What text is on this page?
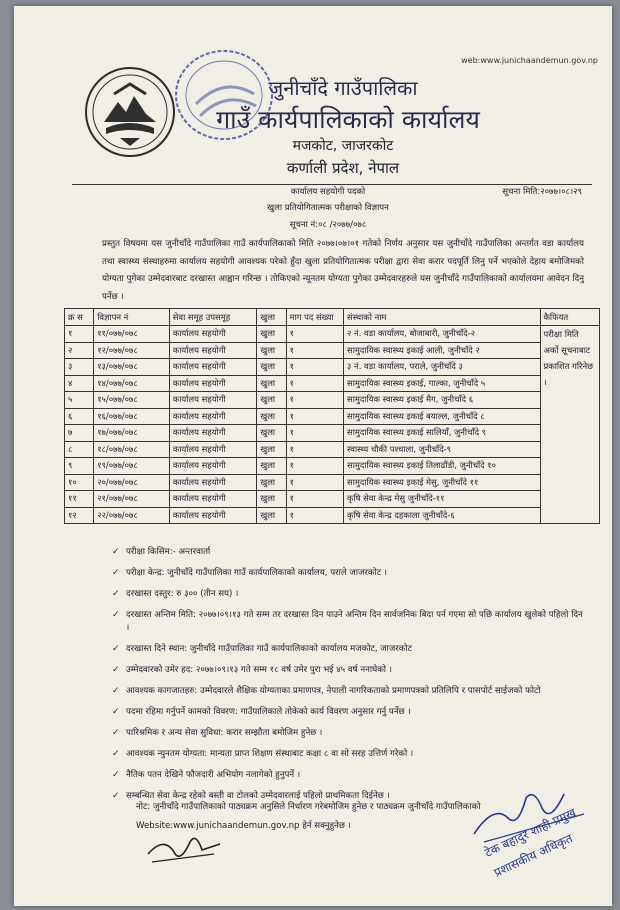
web:www.junichaandemun.gov.np
जुनीचाँदे गाउँपालिका
गाउँ कार्यपालिकाको कार्यालय
मजकोट, जाजरकोट
कर्णाली प्रदेश, नेपाल
कार्यालय सहयोगी पदको	सूचना मिति:२०७७।०८।२९
खुला प्रतियोगितात्मक परीक्षाको विज्ञापन
सूचना नं:०८ /२०७७/०७८
प्रस्तुत विषयमा यस जुनीचाँदे गाउँपालिका गाउँ कार्यपालिकाको मिति २०७७।०७।०१ गतेको निर्णय अनुसार यस जुनीचाँदे गाउँपालिका अन्तर्गत वडा कार्यालय तथा स्वास्थ्य संस्थाहरुमा कार्यालय सहयोगी आवश्यक परेको हुँदा खुला प्रतियोगितात्मक परीक्षा द्वारा सेवा करार पदपूर्ति लिनु पर्ने भएकोले देहाय बमोजिमको योग्यता पुगेका उम्मेदवारबाट दरखास्त आह्वान गरिन्छ । तोकिएको न्यूनतम योग्यता पुगेका उम्मेदवारहरुले यस जुनीचाँदे गाउँपालिकाको कार्यालयमा आवेदन दिनु पर्नेछ ।
क्र स	विज्ञापन नं	सेवा समूह उपसमूह	खुला	माग पद संख्या	संस्थाको नाम	कैफियत
१	११/०७७/०७८	कार्यालय सहयोगी	खुला	१	२ नं. वडा कार्यालय, बोजाबारी, जुनीचाँदे-२	परीक्षा मिति अर्को सूचनाबाट प्रकाशित गरिनेछ ।
२	१२/०७७/०७८	कार्यालय सहयोगी	खुला	१	सामुदायिक स्वास्थ्य इकाई आली, जुनीचाँदे २	
३	१३/०७७/०७८	कार्यालय सहयोगी	खुला	१	३ नं. वडा कार्यालय, पराले, जुनीचाँदे ३	
४	१४/०७७/०७८	कार्यालय सहयोगी	खुला	१	सामुदायिक स्वास्थ्य इकाई, गाल्का, जुनीचाँदे ५	
५	१५/०७७/०७८	कार्यालय सहयोगी	खुला	१	सामुदायिक स्वास्थ्य इकाई मैग, जुनीचाँदे ६	
६	१६/०७७/०७८	कार्यालय सहयोगी	खुला	१	सामुदायिक स्वास्थ्य इकाई बयाल्ल, जुनीचाँदे ८	
७	१७/०७७/०७८	कार्यालय सहयोगी	खुला	१	सामुदायिक स्वास्थ्य इकाई सालियाँ, जुनीचाँदे ९	
८	१८/०७७/०७८	कार्यालय सहयोगी	खुला	१	स्वास्थ्य चौकी पश्चाला, जुनीचाँदे-९	
९	१९/०७७/०७८	कार्यालय सहयोगी	खुला	१	सामुदायिक स्वास्थ्य इकाई तिलाढौंडी, जुनीचाँदे १०	
१०	२०/०७७/०७८	कार्यालय सहयोगी	खुला	१	सामुदायिक स्वास्थ्य इकाई मेसु, जुनीचाँदे ११	
११	२१/०७७/०७८	कार्यालय सहयोगी	खुला	१	कृषि सेवा केन्द्र मेसु जुनीचाँदे-११	
१२	२२/०७७/०७८	कार्यालय सहयोगी	खुला	१	कृषि सेवा केन्द्र दहकाला जुनीचाँदे-६	
✓ परीक्षा किसिम:- अन्तरवार्ता
✓ परीक्षा केन्द्र: जुनीचाँदे गाउँपालिका गाउँ कार्यपालिकाको कार्यालय, पराले जाजरकोट ।
✓ दरखास्त दस्तुर: रु ३०० (तीन सय) ।
✓ दरखास्त अन्तिम मिति: २०७७।०९।१३ गते सम्म तर दरखास्त दिन पाउने अन्तिम दिन सार्वजनिक बिदा पर्न गएमा सो पछि कार्यालय खुलेको पहिलो दिन ।
✓ दरखास्त दिने स्थान: जुनीचाँदे गाउँपालिका गाउँ कार्यपालिकाको कार्यालय मजकोट, जाजरकोट
✓ उम्मेदवारको उमेर हद: २०७७।०९।१३ गते सम्म १८ वर्ष उमेर पुरा भई ४५ वर्ष ननाघेको ।
✓ आवश्यक कागजातहरु: उम्मेदवारले शैक्षिक योग्यताका प्रमाणपत्र, नेपाली नागरिकताको प्रमाणपत्रको प्रतिलिपि र पासपोर्ट साईजको फोटो
✓ पदमा रहिमा गर्नुपर्ने कामको विवरण: गाउँपालिकाले तोकेको कार्य विवरण अनुसार गर्नु पर्नेछ ।
✓ पारिश्रमिक र अन्य सेवा सुविधा: करार सम्झौता बमोजिम हुनेछ ।
✓ आवश्यक न्युनतम योग्यता: मान्यता प्राप्त शिक्षण संस्थाबाट कक्षा ८ वा सो सरह उत्तिर्ण गरेको ।
✓ नैतिक पतन देखिने फौजदारी अभियोग नलागेको हुनुपर्ने ।
✓ सम्बन्धित सेवा केन्द्र रहेको बस्ती वा टोलको उम्मेदवारलाई पहिलो प्राथमिकता दिईनेछ ।
नोट: जुनीचाँदे गाउँपालिकाको पाठ्यक्रम अनुसिले निर्धारण गरेबमोजिम हुनेछ र पाठ्यक्रम जुनीचाँदे गाउँपालिकाको Website:www.junichaandemun.gov.np हेर्न सक्नुहुनेछ ।	टेक बहादुर शाही प्रमुख प्रशासकीय अधिकृत
